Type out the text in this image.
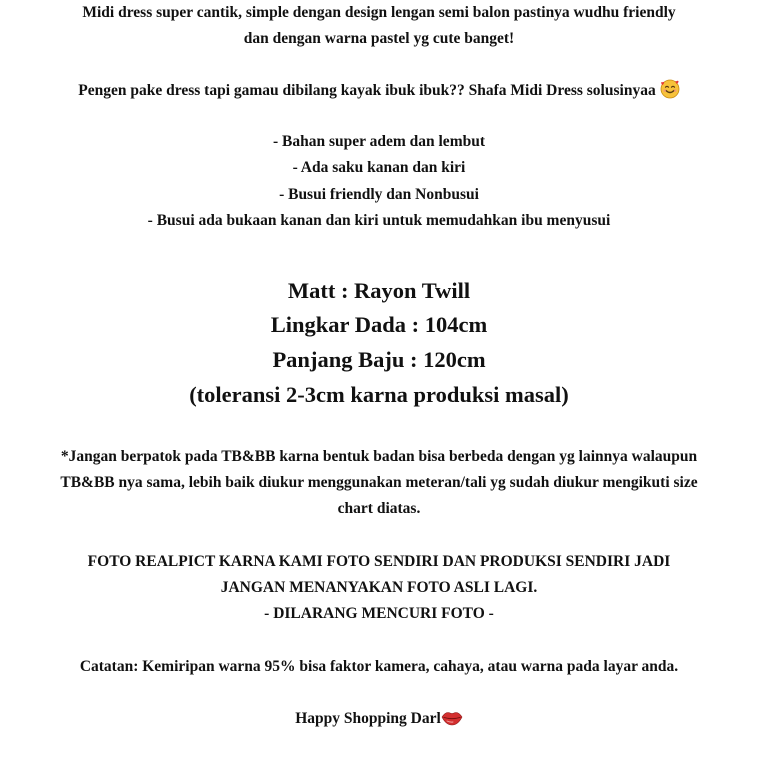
Midi dress super cantik, simple dengan design lengan semi balon pastinya wudhu friendly
dan dengan warna pastel yg cute banget!
Pengen pake dress tapi gamau dibilang kayak ibuk ibuk?? Shafa Midi Dress solusinyaa
- Bahan super adem dan lembut
- Ada saku kanan dan kiri
- Busui friendly dan Nonbusui
- Busui ada bukaan kanan dan kiri untuk memudahkan ibu menyusui
Matt : Rayon Twill
Lingkar Dada : 104cm
Panjang Baju : 120cm
(toleransi 2-3cm karna produksi masal)
*Jangan berpatok pada TB&BB karna bentuk badan bisa berbeda dengan yg lainnya walaupun
TB&BB nya sama, lebih baik diukur menggunakan meteran/tali yg sudah diukur mengikuti size
chart diatas.
FOTO REALPICT KARNA KAMI FOTO SENDIRI DAN PRODUKSI SENDIRI JADI
JANGAN MENANYAKAN FOTO ASLI LAGI.
- DILARANG MENCURI FOTO -
Catatan: Kemiripan warna 95% bisa faktor kamera, cahaya, atau warna pada layar anda.
Happy Shopping Darl
